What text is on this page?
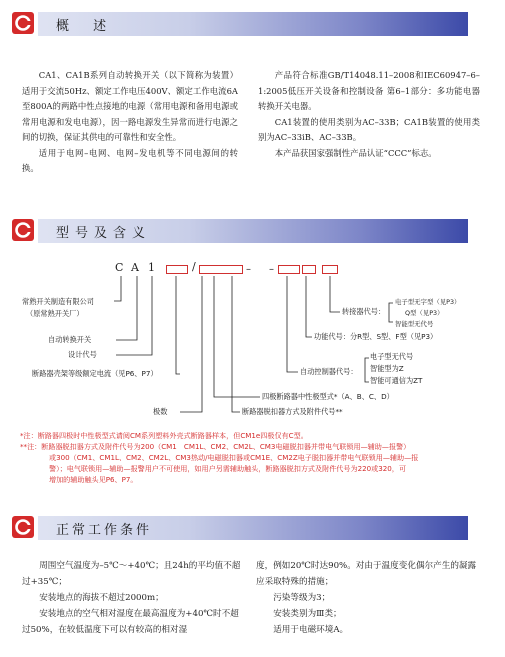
概 述

CA1、CA1B系列自动转换开关（以下简称为装置）适用于交流50Hz、额定工作电压400V、额定工作电流6A至800A的两路中性点接地的电源（常用电源和备用电源或常用电源和发电电源），因一路电源发生异常而进行电源之间的切换，保证其供电的可靠性和安全性。

适用于电网–电网、电网–发电机等不同电源间的转换。

产品符合标准GB/T14048.11–2008和IEC60947–6–1:2005低压开关设备和控制设备 第6–1部分：多功能电器 转换开关电器。

CA1装置的使用类别为AC–33B；CA1B装置的使用类别为AC–33iB、AC–33B。

本产品获国家强制性产品认证“CCC”标志。

型号及含义
C A 1	/	– –
常熟开关制造有限公司
（原常熟开关厂）
自动转换开关
设计代号
断路器壳架等级额定电流（见P6、P7）
极数
四极断路器中性极型式*（A、B、C、D）
断路器脱扣器方式及附件代号**
自动控制器代号：
电子型无代号
智能型为Z
智能可通信为ZT
功能代号：分R型、S型、F型（见P3）
转接器代号：
电子型无字型（见P3）
Q型（见P3）
智能型无代号
*注：断路器四极时中性极型式请阅CM系列塑料外壳式断路器样本，但CM1e四极仅有C型。
**注：断路器脱扣器方式及附件代号为200（CM1　CM1L、CM2、CM2L、CM3电磁脱扣器并带电气联锁用—辅助—报警）
或300（CM1、CM1L、CM2、CM2L、CM3热动/电磁脱扣器或CM1E、CM2Z电子脱扣器并带电气联锁用—辅助—报
警）；电气联锁用—辅助—报警用户不可使用，如用户另需辅助触头，断路器脱扣方式及附件代号为220或320，可
增加的辅助触头见P6、P7。
正常工作条件

周围空气温度为–5℃～+40℃；且24h的平均值不超过+35℃；

安装地点的海拔不超过2000m；

安装地点的空气相对湿度在最高温度为+40℃时不超过50%，在较低温度下可以有较高的相对湿

度，例如20℃时达90%。对由于温度变化偶尔产生的凝露应采取特殊的措施；

污染等级为3；

安装类别为Ⅲ类；

适用于电磁环境A。
